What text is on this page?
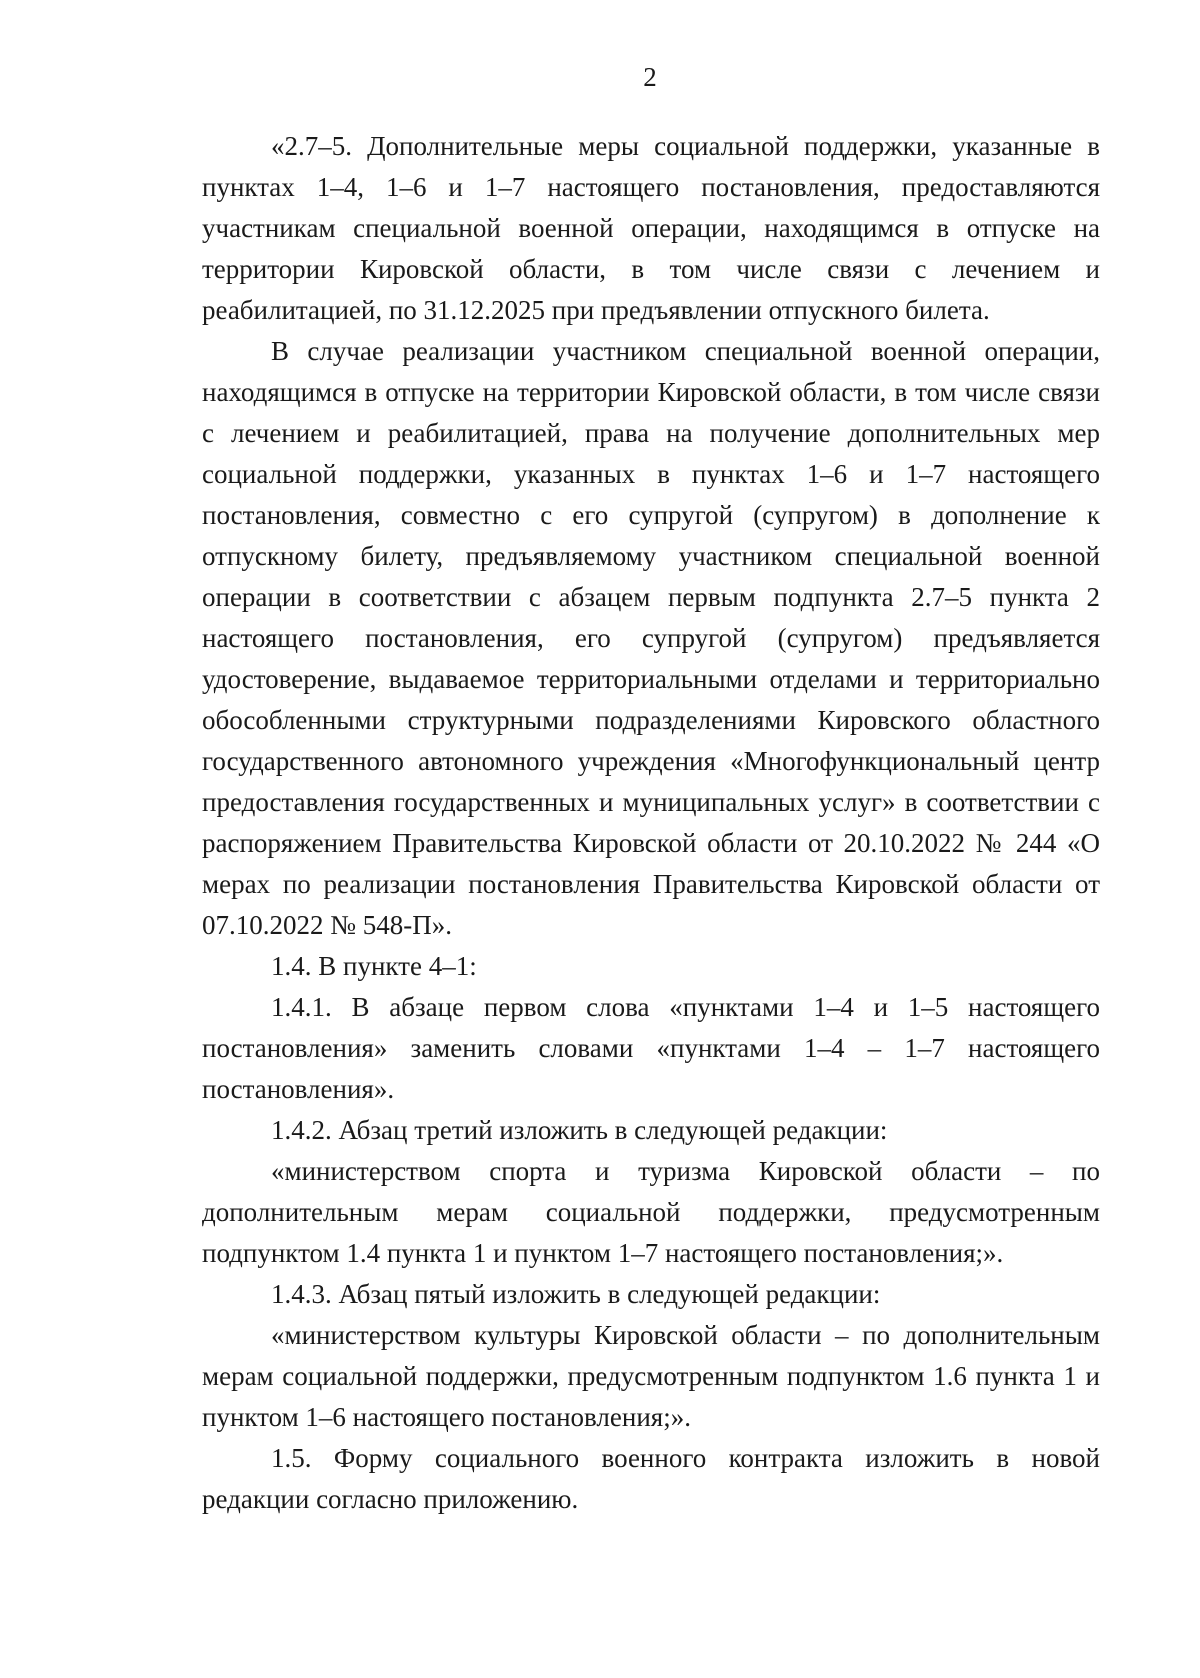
2

«2.7–5. Дополнительные меры социальной поддержки, указанные в пунктах 1–4, 1–6 и 1–7 настоящего постановления, предоставляются участникам специальной военной операции, находящимся в отпуске на территории Кировской области, в том числе связи с лечением и реабилитацией, по 31.12.2025 при предъявлении отпускного билета.

В случае реализации участником специальной военной операции, находящимся в отпуске на территории Кировской области, в том числе связи с лечением и реабилитацией, права на получение дополнительных мер социальной поддержки, указанных в пунктах 1–6 и 1–7 настоящего постановления, совместно с его супругой (супругом) в дополнение к отпускному билету, предъявляемому участником специальной военной операции в соответствии с абзацем первым подпункта 2.7–5 пункта 2 настоящего постановления, его супругой (супругом) предъявляется удостоверение, выдаваемое территориальными отделами и территориально обособленными структурными подразделениями Кировского областного государственного автономного учреждения «Многофункциональный центр предоставления государственных и муниципальных услуг» в соответствии с распоряжением Правительства Кировской области от 20.10.2022 № 244 «О мерах по реализации постановления Правительства Кировской области от 07.10.2022 № 548-П».

1.4. В пункте 4–1:

1.4.1. В абзаце первом слова «пунктами 1–4 и 1–5 настоящего постановления» заменить словами «пунктами 1–4 – 1–7 настоящего постановления».

1.4.2. Абзац третий изложить в следующей редакции:

«министерством спорта и туризма Кировской области – по дополнительным мерам социальной поддержки, предусмотренным подпунктом 1.4 пункта 1 и пунктом 1–7 настоящего постановления;».

1.4.3. Абзац пятый изложить в следующей редакции:

«министерством культуры Кировской области – по дополнительным мерам социальной поддержки, предусмотренным подпунктом 1.6 пункта 1 и пунктом 1–6 настоящего постановления;».

1.5. Форму социального военного контракта изложить в новой редакции согласно приложению.
